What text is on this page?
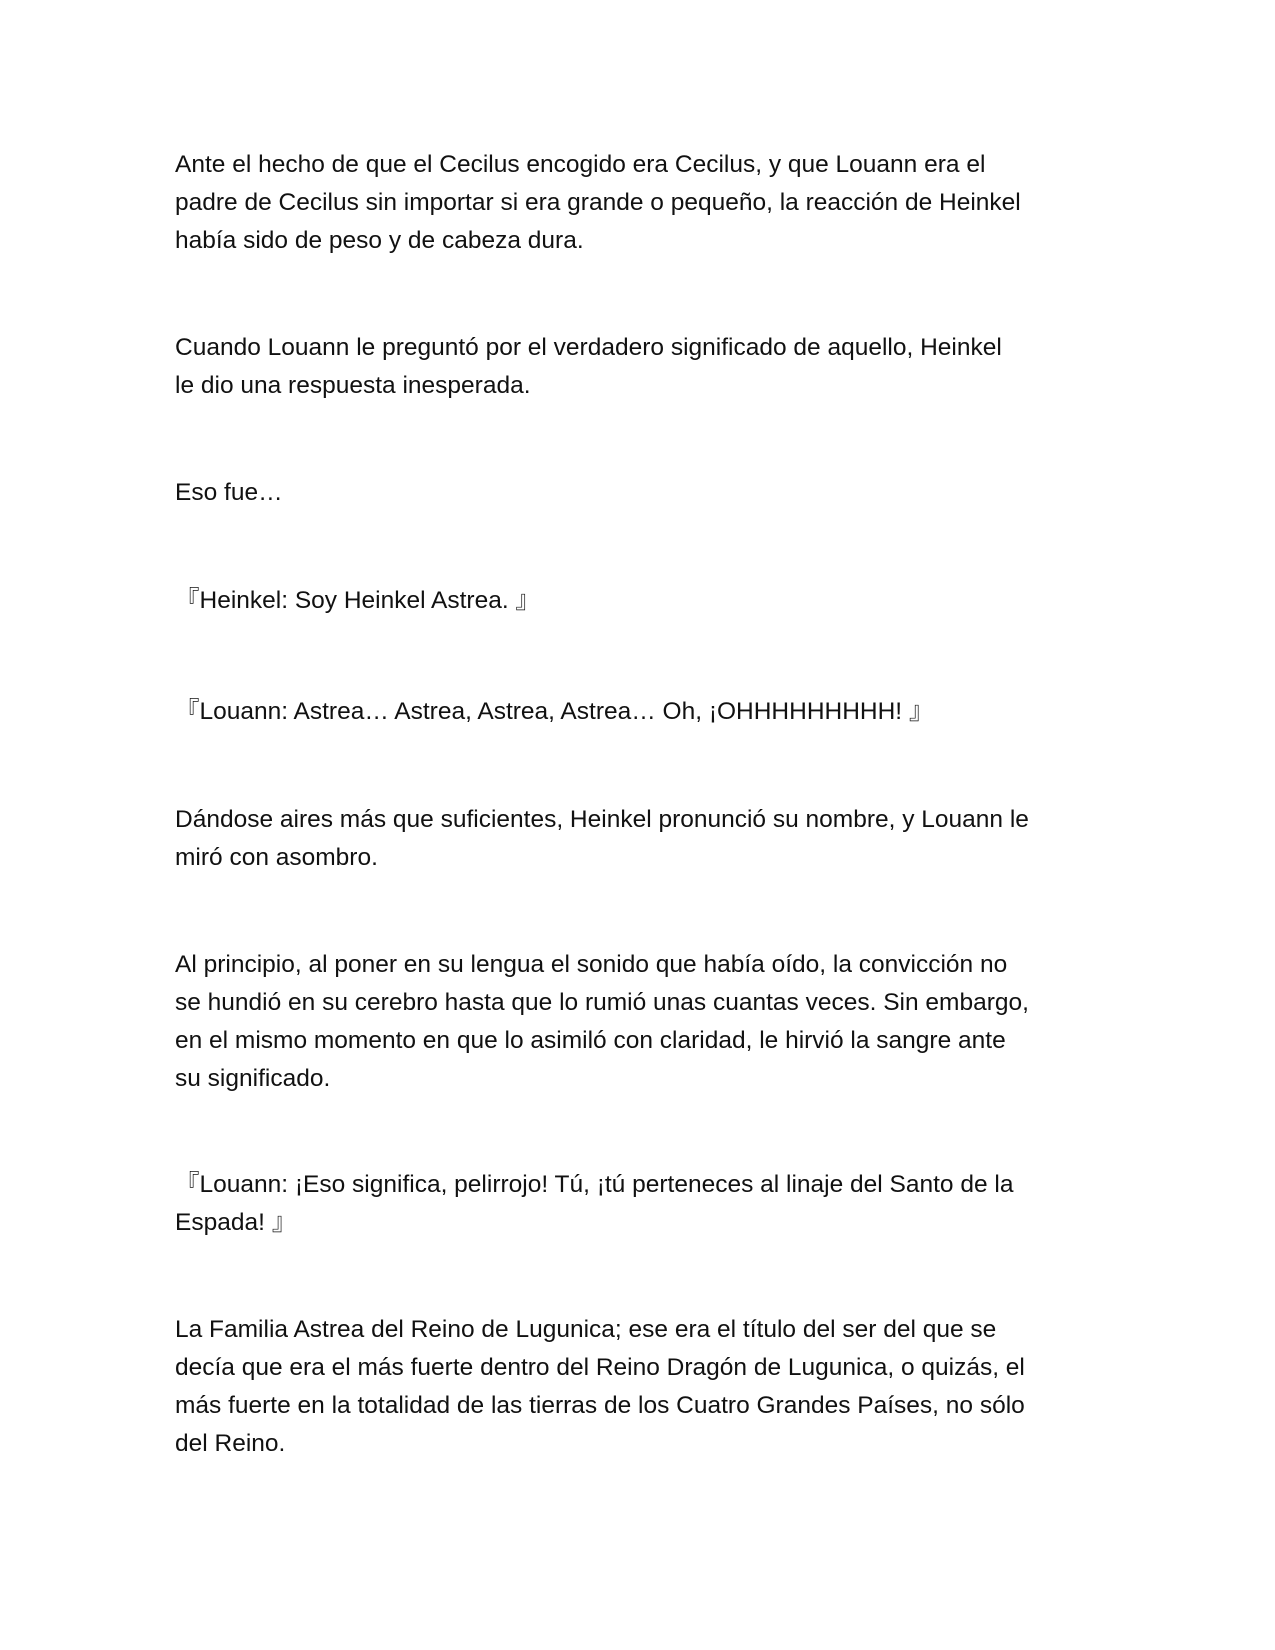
Ante el hecho de que el Cecilus encogido era Cecilus, y que Louann era el
padre de Cecilus sin importar si era grande o pequeño, la reacción de Heinkel
había sido de peso y de cabeza dura.

Cuando Louann le preguntó por el verdadero significado de aquello, Heinkel
le dio una respuesta inesperada.

Eso fue…

『Heinkel: Soy Heinkel Astrea. 』

『Louann: Astrea… Astrea, Astrea, Astrea… Oh, ¡OHHHHHHHHH! 』

Dándose aires más que suficientes, Heinkel pronunció su nombre, y Louann le
miró con asombro.

Al principio, al poner en su lengua el sonido que había oído, la convicción no
se hundió en su cerebro hasta que lo rumió unas cuantas veces. Sin embargo,
en el mismo momento en que lo asimiló con claridad, le hirvió la sangre ante
su significado.

『Louann: ¡Eso significa, pelirrojo! Tú, ¡tú perteneces al linaje del Santo de la
Espada! 』

La Familia Astrea del Reino de Lugunica; ese era el título del ser del que se
decía que era el más fuerte dentro del Reino Dragón de Lugunica, o quizás, el
más fuerte en la totalidad de las tierras de los Cuatro Grandes Países, no sólo
del Reino.
